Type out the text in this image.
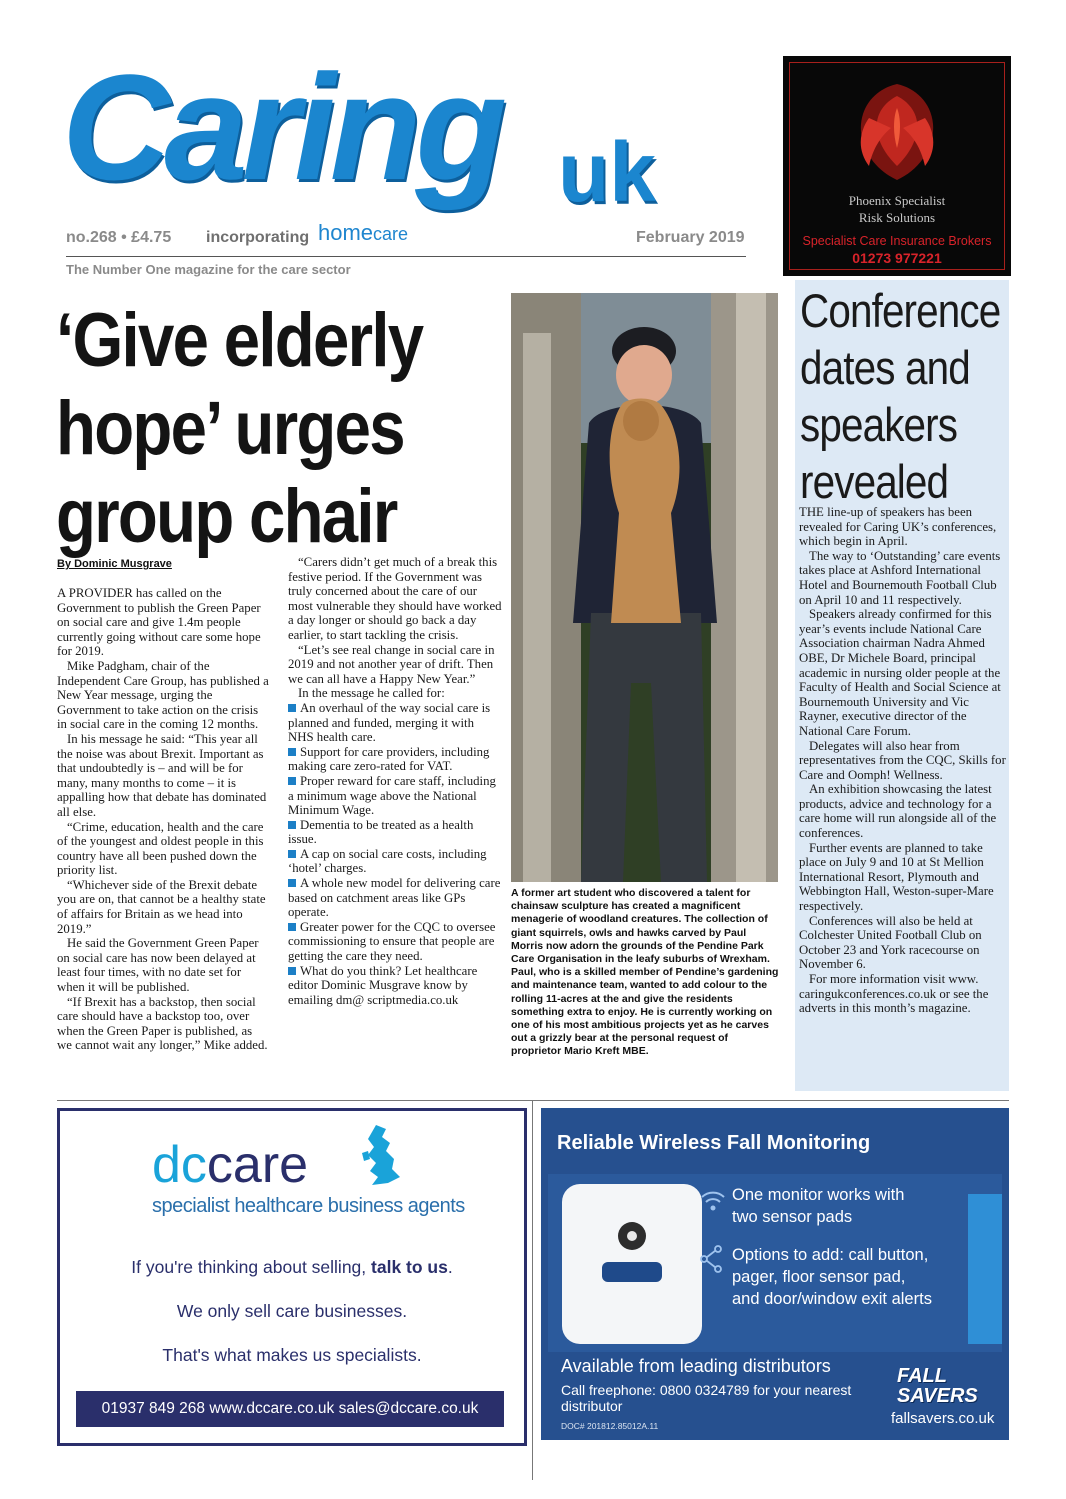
Caring uk
no.268 • £4.75 incorporating homecare	February 2019
The Number One magazine for the care sector
Phoenix Specialist
Risk Solutions
Specialist Care Insurance Brokers
01273 977221
‘Give elderly
hope’ urges
group chair
By Dominic Musgrave

A PROVIDER has called on the Government to publish the Green Paper on social care and give 1.4m people currently going without care some hope for 2019.

Mike Padgham, chair of the Independent Care Group, has published a New Year message, urging the Government to take action on the crisis in social care in the coming 12 months.

In his message he said: “This year all the noise was about Brexit. Important as that undoubtedly is – and will be for many, many months to come – it is appalling how that debate has dominated all else.

“Crime, education, health and the care of the youngest and oldest people in this country have all been pushed down the priority list.

“Whichever side of the Brexit debate you are on, that cannot be a healthy state of affairs for Britain as we head into 2019.”

He said the Government Green Paper on social care has now been delayed at least four times, with no date set for when it will be published.

“If Brexit has a backstop, then social care should have a backstop too, over when the Green Paper is published, as we cannot wait any longer,” Mike added.

“Carers didn’t get much of a break this festive period. If the Government was truly concerned about the care of our most vulnerable they should have worked a day longer or should go back a day earlier, to start tackling the crisis.

“Let’s see real change in social care in 2019 and not another year of drift. Then we can all have a Happy New Year.”

In the message he called for:

An overhaul of the way social care is planned and funded, merging it with NHS health care.

Support for care providers, including making care zero-rated for VAT.

Proper reward for care staff, including a minimum wage above the National Minimum Wage.

Dementia to be treated as a health issue.

A cap on social care costs, including ‘hotel’ charges.

A whole new model for delivering care based on catchment areas like GPs operate.

Greater power for the CQC to oversee commissioning to ensure that people are getting the care they need.

What do you think? Let healthcare editor Dominic Musgrave know by emailing dm@ scriptmedia.co.uk

A former art student who discovered a talent for chainsaw sculpture has created a magnificent menagerie of woodland creatures. The collection of giant squirrels, owls and hawks carved by Paul Morris now adorn the grounds of the Pendine Park Care Organisation in the leafy suburbs of Wrexham. Paul, who is a skilled member of Pendine’s gardening and maintenance team, wanted to add colour to the rolling 11-acres at the and give the residents something extra to enjoy. He is currently working on one of his most ambitious projects yet as he carves out a grizzly bear at the personal request of proprietor Mario Kreft MBE.
Conference
dates and
speakers
revealed

THE line-up of speakers has been revealed for Caring UK’s conferences, which begin in April.

The way to ‘Outstanding’ care events takes place at Ashford International Hotel and Bournemouth Football Club on April 10 and 11 respectively.

Speakers already confirmed for this year’s events include National Care Association chairman Nadra Ahmed OBE, Dr Michele Board, principal academic in nursing older people at the Faculty of Health and Social Science at Bournemouth University and Vic Rayner, executive director of the National Care Forum.

Delegates will also hear from representatives from the CQC, Skills for Care and Oomph! Wellness.

An exhibition showcasing the latest products, advice and technology for a care home will run alongside all of the conferences.

Further events are planned to take place on July 9 and 10 at St Mellion International Resort, Plymouth and Webbington Hall, Weston-super-Mare respectively.

Conferences will also be held at Colchester United Football Club on October 23 and York racecourse on November 6.

For more information visit www. caringukconferences.co.uk or see the adverts in this month’s magazine.

dccare
specialist healthcare business agents
If you're thinking about selling, talk to us.
We only sell care businesses.
That's what makes us specialists.
01937 849 268 www.dccare.co.uk sales@dccare.co.uk
Reliable Wireless Fall Monitoring
One monitor works with two sensor pads
Options to add: call button, pager, floor sensor pad, and door/window exit alerts
Available from leading distributors
Call freephone: 0800 0324789 for your nearest distributor
DOC# 201812.85012A.11
FALL
SAVERS
fallsavers.co.uk
